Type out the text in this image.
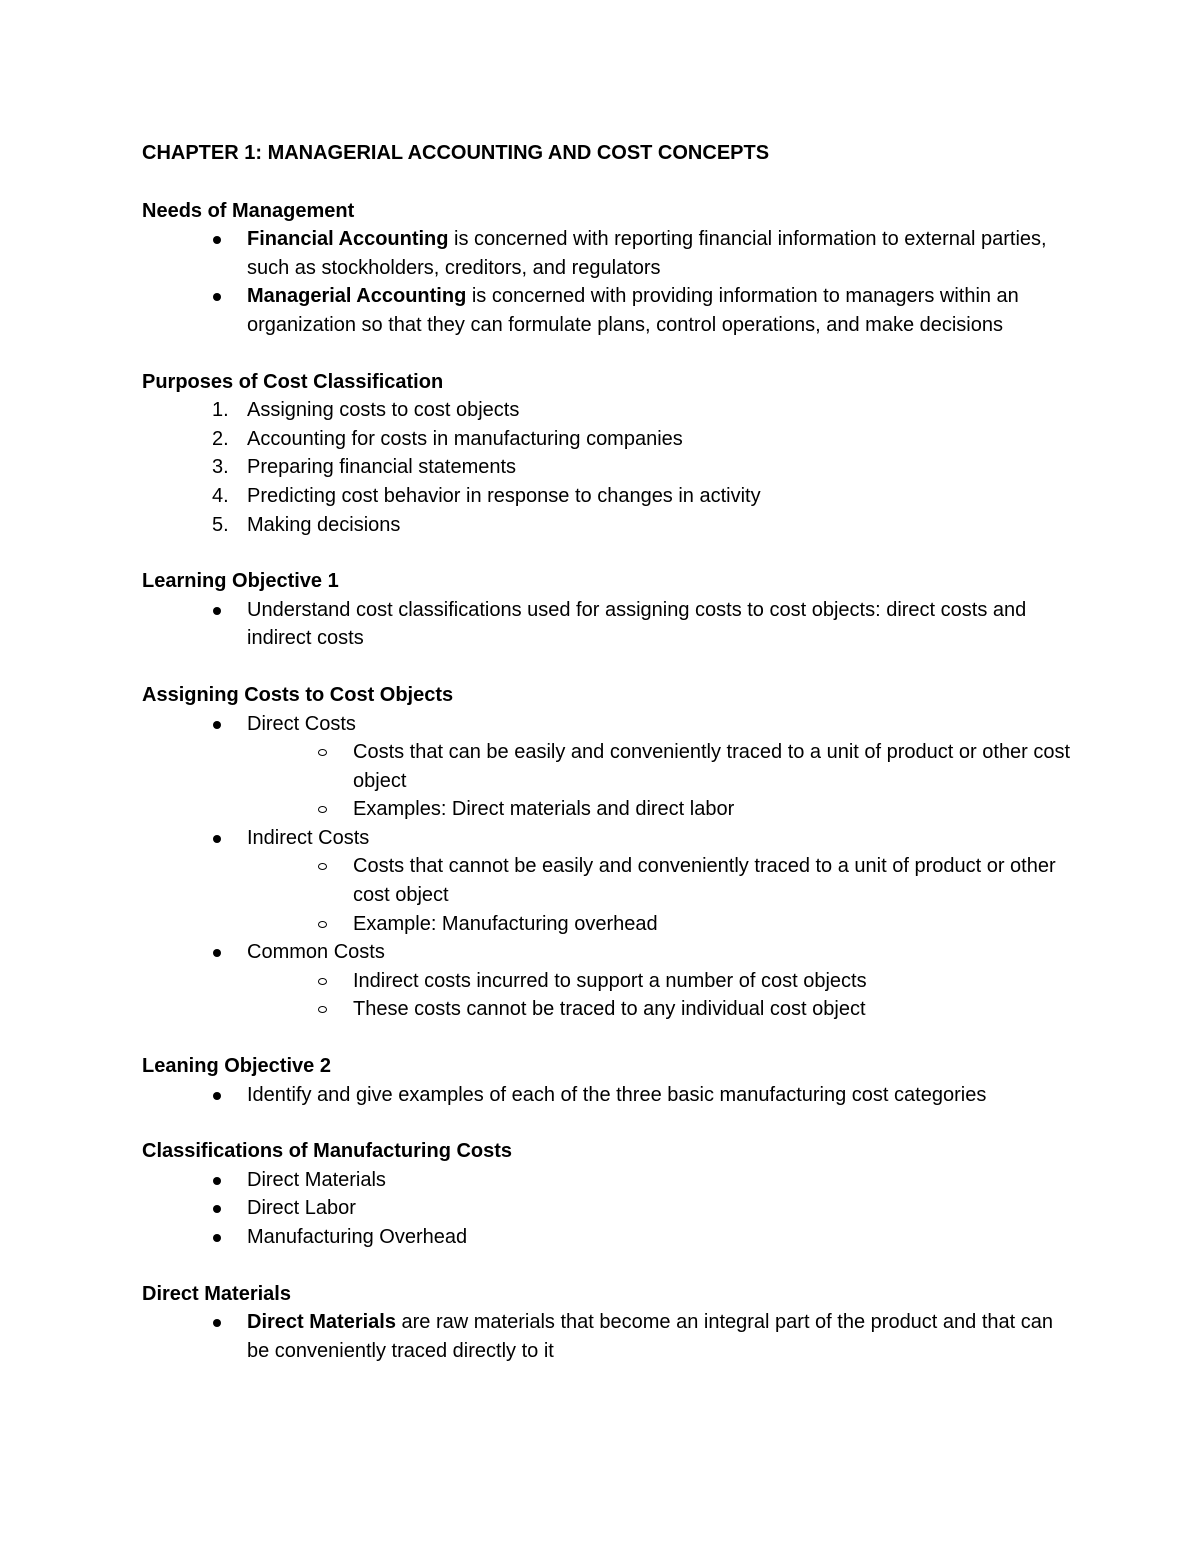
CHAPTER 1: MANAGERIAL ACCOUNTING AND COST CONCEPTS
Needs of Management
Financial Accounting is concerned with reporting financial information to external parties, such as stockholders, creditors, and regulators
Managerial Accounting is concerned with providing information to managers within an organization so that they can formulate plans, control operations, and make decisions
Purposes of Cost Classification
1. Assigning costs to cost objects
2. Accounting for costs in manufacturing companies
3. Preparing financial statements
4. Predicting cost behavior in response to changes in activity
5. Making decisions
Learning Objective 1
Understand cost classifications used for assigning costs to cost objects: direct costs and indirect costs
Assigning Costs to Cost Objects
Direct Costs
Costs that can be easily and conveniently traced to a unit of product or other cost object
Examples: Direct materials and direct labor
Indirect Costs
Costs that cannot be easily and conveniently traced to a unit of product or other cost object
Example: Manufacturing overhead
Common Costs
Indirect costs incurred to support a number of cost objects
These costs cannot be traced to any individual cost object
Leaning Objective 2
Identify and give examples of each of the three basic manufacturing cost categories
Classifications of Manufacturing Costs
Direct Materials
Direct Labor
Manufacturing Overhead
Direct Materials
Direct Materials are raw materials that become an integral part of the product and that can be conveniently traced directly to it
